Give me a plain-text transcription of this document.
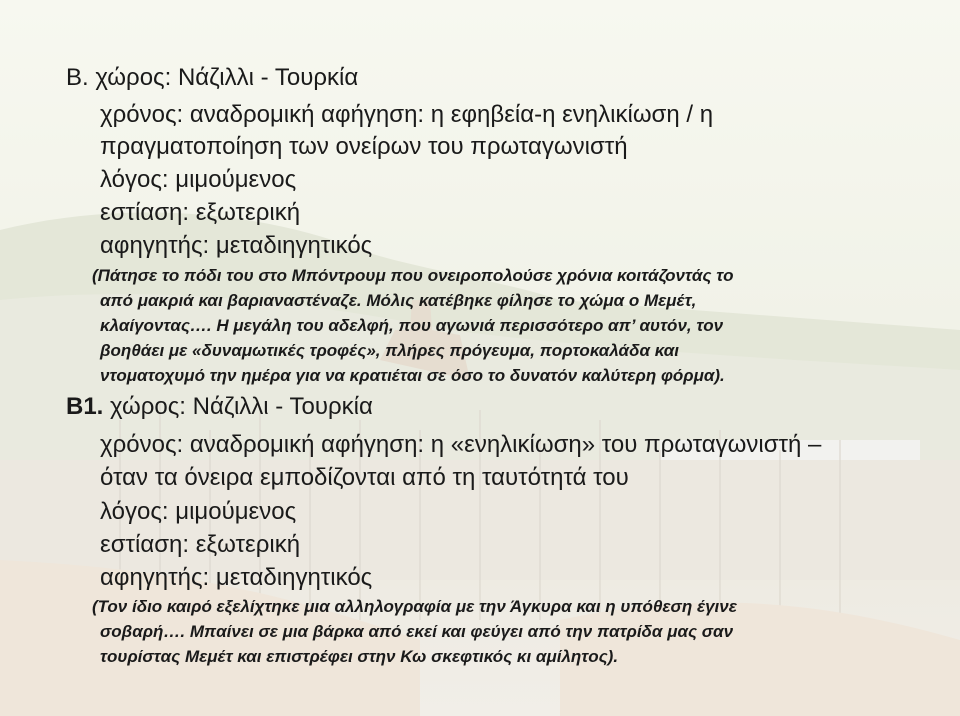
Β. χώρος: Νάζιλλι - Τουρκία
χρόνος: αναδρομική αφήγηση: η εφηβεία-η ενηλικίωση / η
πραγματοποίηση των ονείρων του πρωταγωνιστή
λόγος: μιμούμενος
εστίαση: εξωτερική
αφηγητής: μεταδιηγητικός
(Πάτησε το πόδι του στο Μπόντρουμ που ονειροπολούσε χρόνια κοιτάζοντάς το
από μακριά και βαριαναστέναζε. Μόλις κατέβηκε φίλησε το χώμα ο Μεμέτ,
κλαίγοντας…. Η μεγάλη του αδελφή, που αγωνιά περισσότερο απ’ αυτόν, τον
βοηθάει με «δυναμωτικές τροφές», πλήρες πρόγευμα, πορτοκαλάδα και
ντοματοχυμό την ημέρα για να κρατιέται σε όσο το δυνατόν καλύτερη φόρμα).
Β1. χώρος: Νάζιλλι - Τουρκία
χρόνος: αναδρομική αφήγηση: η «ενηλικίωση» του πρωταγωνιστή –
όταν τα όνειρα εμποδίζονται από τη ταυτότητά του
λόγος: μιμούμενος
εστίαση: εξωτερική
αφηγητής: μεταδιηγητικός
(Τον ίδιο καιρό εξελίχτηκε μια αλληλογραφία με την Άγκυρα και η υπόθεση έγινε
σοβαρή…. Μπαίνει σε μια βάρκα από εκεί και φεύγει από την πατρίδα μας σαν
τουρίστας Μεμέτ και επιστρέφει στην Κω σκεφτικός κι αμίλητος).
